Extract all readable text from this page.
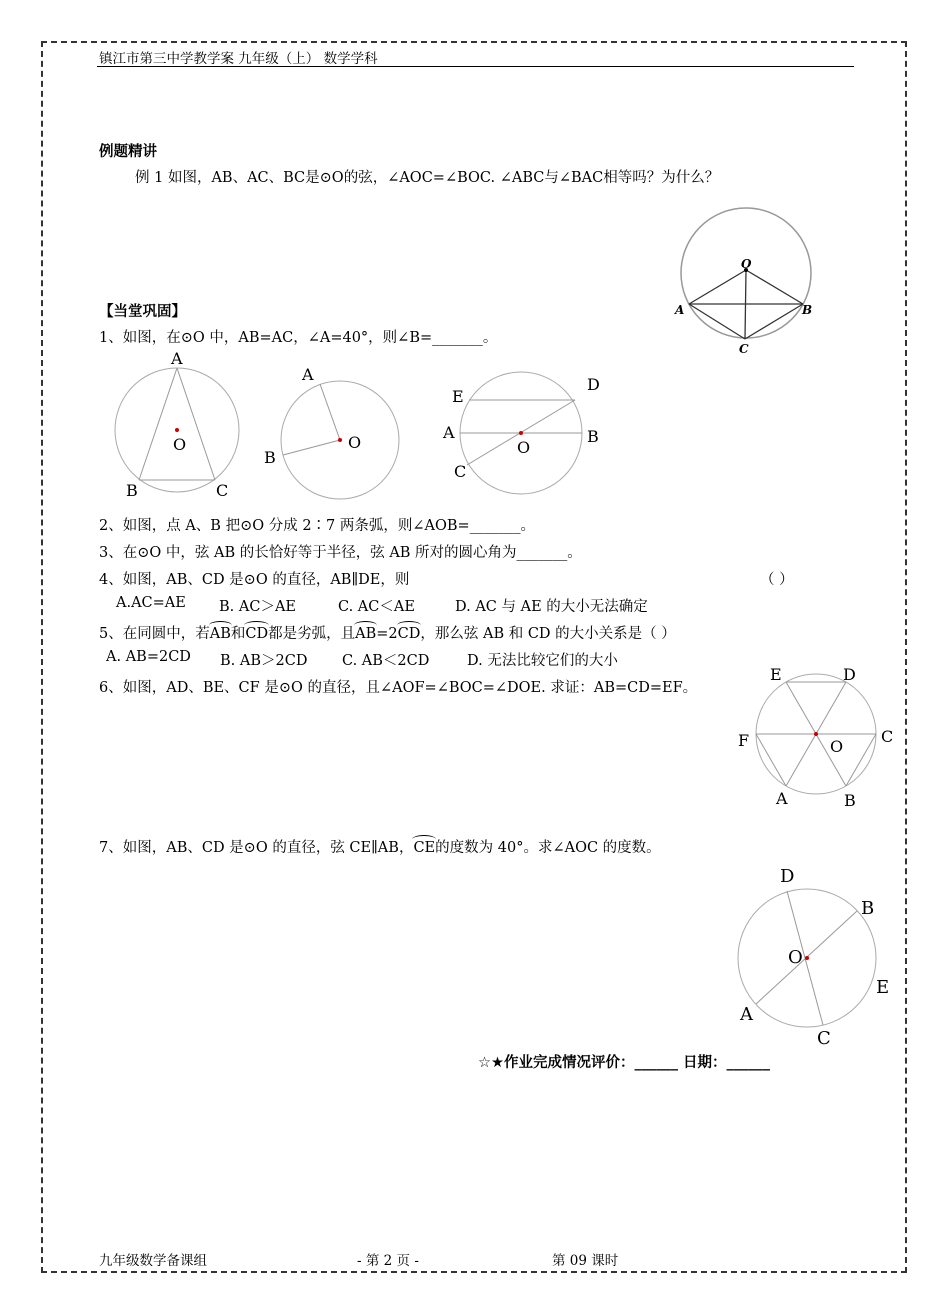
镇江市第三中学教学案 九年级（上） 数学学科
例题精讲
例 1 如图，AB、AC、BC是⊙O的弦，∠AOC=∠BOC. ∠ABC与∠BAC相等吗？为什么？
O
A	B
C
【当堂巩固】
1、如图，在⊙O 中，AB=AC，∠A=40°，则∠B=_______。
A
O
B	C
A
O
B
E
D
A	B
O
C
2、如图，点 A、B 把⊙O 分成 2∶7 两条弧，则∠AOB=_______。
3、在⊙O 中，弦 AB 的长恰好等于半径，弦 AB 所对的圆心角为_______。
4、如图，AB、CD 是⊙O 的直径，AB∥DE，则	（ ）
A.AC=AE B. AC＞AE	C. AC＜AE	D. AC 与 AE 的大小无法确定
5、在同圆中，若AB和CD都是劣弧，且AB=2CD，那么弦 AB 和 CD 的大小关系是（ ）
A. AB=2CD B. AB＞2CD C. AB＜2CD	D. 无法比较它们的大小
6、如图，AD、BE、CF 是⊙O 的直径，且∠AOF=∠BOC=∠DOE. 求证：AB=CD=EF。
E	D
F	O
C
A	B
7、如图，AB、CD 是⊙O 的直径，弦 CE∥AB，CE的度数为 40°。求∠AOC 的度数。
D
B
O
E
A
C
☆★作业完成情况评价：______ 日期：______
九年级数学备课组	- 第 2 页 -	第 09 课时
